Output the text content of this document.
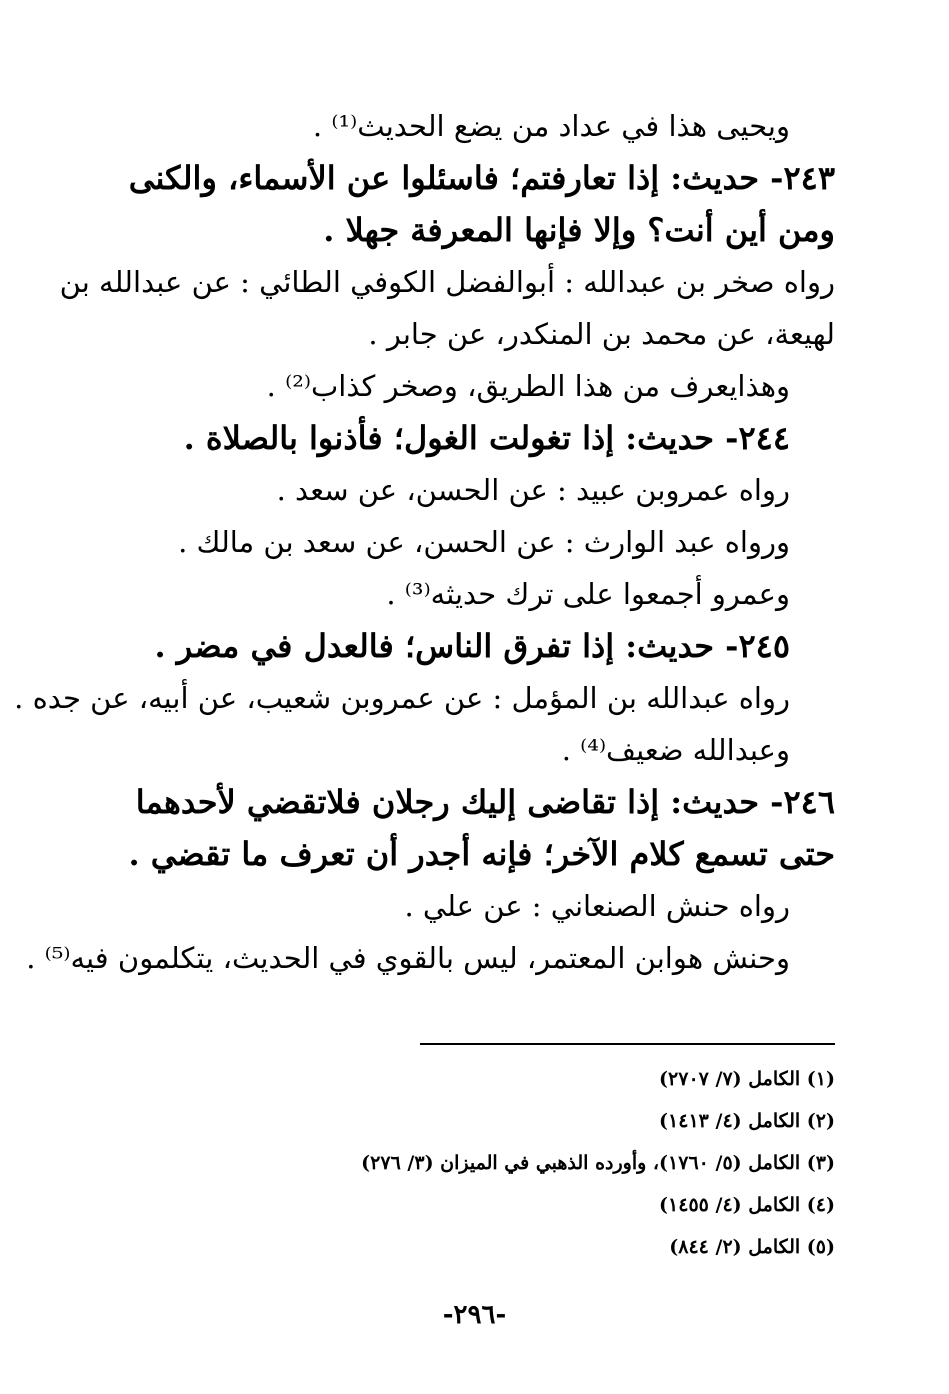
ويحيى هذا في عداد من يضع الحديث⁽¹⁾ .
٢٤٣- حديث: إذا تعارفتم؛ فاسئلوا عن الأسماء، والكنى
ومن أين أنت؟ وإلا فإنها المعرفة جهلا .
رواه صخر بن عبدالله : أبوالفضل الكوفي الطائي : عن عبدالله بن
لهيعة، عن محمد بن المنكدر، عن جابر .
وهذايعرف من هذا الطريق، وصخر كذاب⁽²⁾ .
٢٤٤- حديث: إذا تغولت الغول؛ فأذنوا بالصلاة .
رواه عمروبن عبيد : عن الحسن، عن سعد .
ورواه عبد الوارث : عن الحسن، عن سعد بن مالك .
وعمرو أجمعوا على ترك حديثه⁽³⁾ .
٢٤٥- حديث: إذا تفرق الناس؛ فالعدل في مضر .
رواه عبدالله بن المؤمل : عن عمروبن شعيب، عن أبيه، عن جده .
وعبدالله ضعيف⁽⁴⁾ .
٢٤٦- حديث: إذا تقاضى إليك رجلان فلاتقضي لأحدهما
حتى تسمع كلام الآخر؛ فإنه أجدر أن تعرف ما تقضي .
رواه حنش الصنعاني : عن علي .
وحنش هوابن المعتمر، ليس بالقوي في الحديث، يتكلمون فيه⁽⁵⁾ .
(١) الكامل (٧/ ٢٧٠٧)
(٢) الكامل (٤/ ١٤١٣)
(٣) الكامل (٥/ ١٧٦٠)، وأورده الذهبي في الميزان (٣/ ٢٧٦)
(٤) الكامل (٤/ ١٤٥٥)
(٥) الكامل (٢/ ٨٤٤)
-٢٩٦-
